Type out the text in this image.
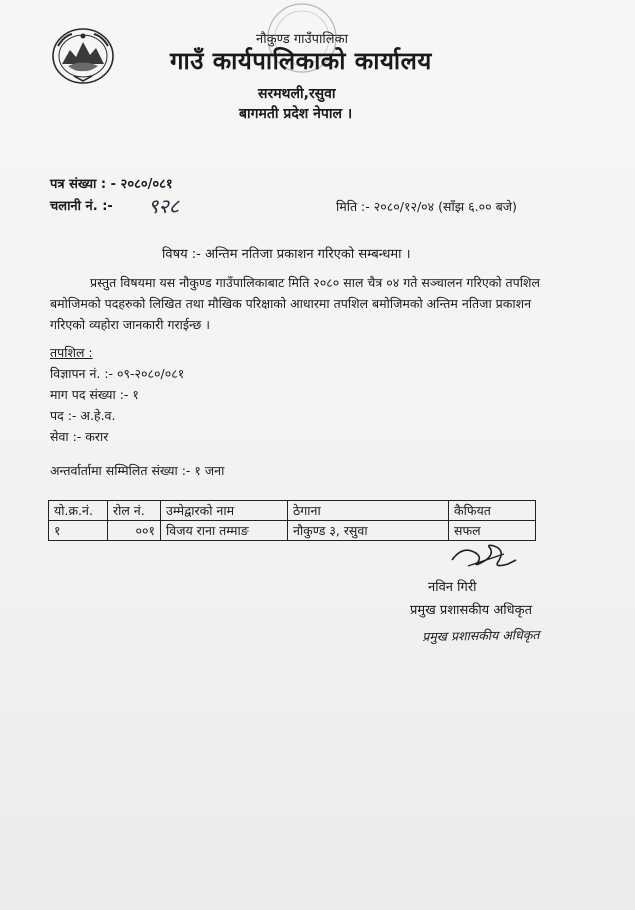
नौकुण्ड गाउँपालिका
गाउँ कार्यपालिकाको कार्यालय
सरमथली,रसुवा
बागमती प्रदेश नेपाल ।
पत्र संख्या : - २०८०/०८१
चलानी नं. :- ९२८	मिति :- २०८०/१२/०४ (साँझ ६.०० बजे)
विषय :- अन्तिम नतिजा प्रकाशन गरिएको सम्बन्धमा ।
प्रस्तुत विषयमा यस नौकुण्ड गाउँपालिकाबाट मिति २०८० साल चैत्र ०४ गते सञ्चालन गरिएको तपशिल बमोजिमको पदहरुको लिखित तथा मौखिक परिक्षाको आधारमा तपशिल बमोजिमको अन्तिम नतिजा प्रकाशन गरिएको व्यहोरा जानकारी गराईन्छ ।
तपशिल :
विज्ञापन नं. :- ०९-२०८०/०८१
माग पद संख्या :- १
पद :- अ.हे.व.
सेवा :- करार
अन्तर्वार्तामा सम्मिलित संख्या :- १ जना
यो.क्र.नं.	रोल नं.	उम्मेद्वारको नाम	ठेगाना	कैफियत
१	००१	विजय राना तम्माङ	नौकुण्ड ३, रसुवा	सफल
नविन गिरी
प्रमुख प्रशासकीय अधिकृत
प्रमुख प्रशासकीय अधिकृत
